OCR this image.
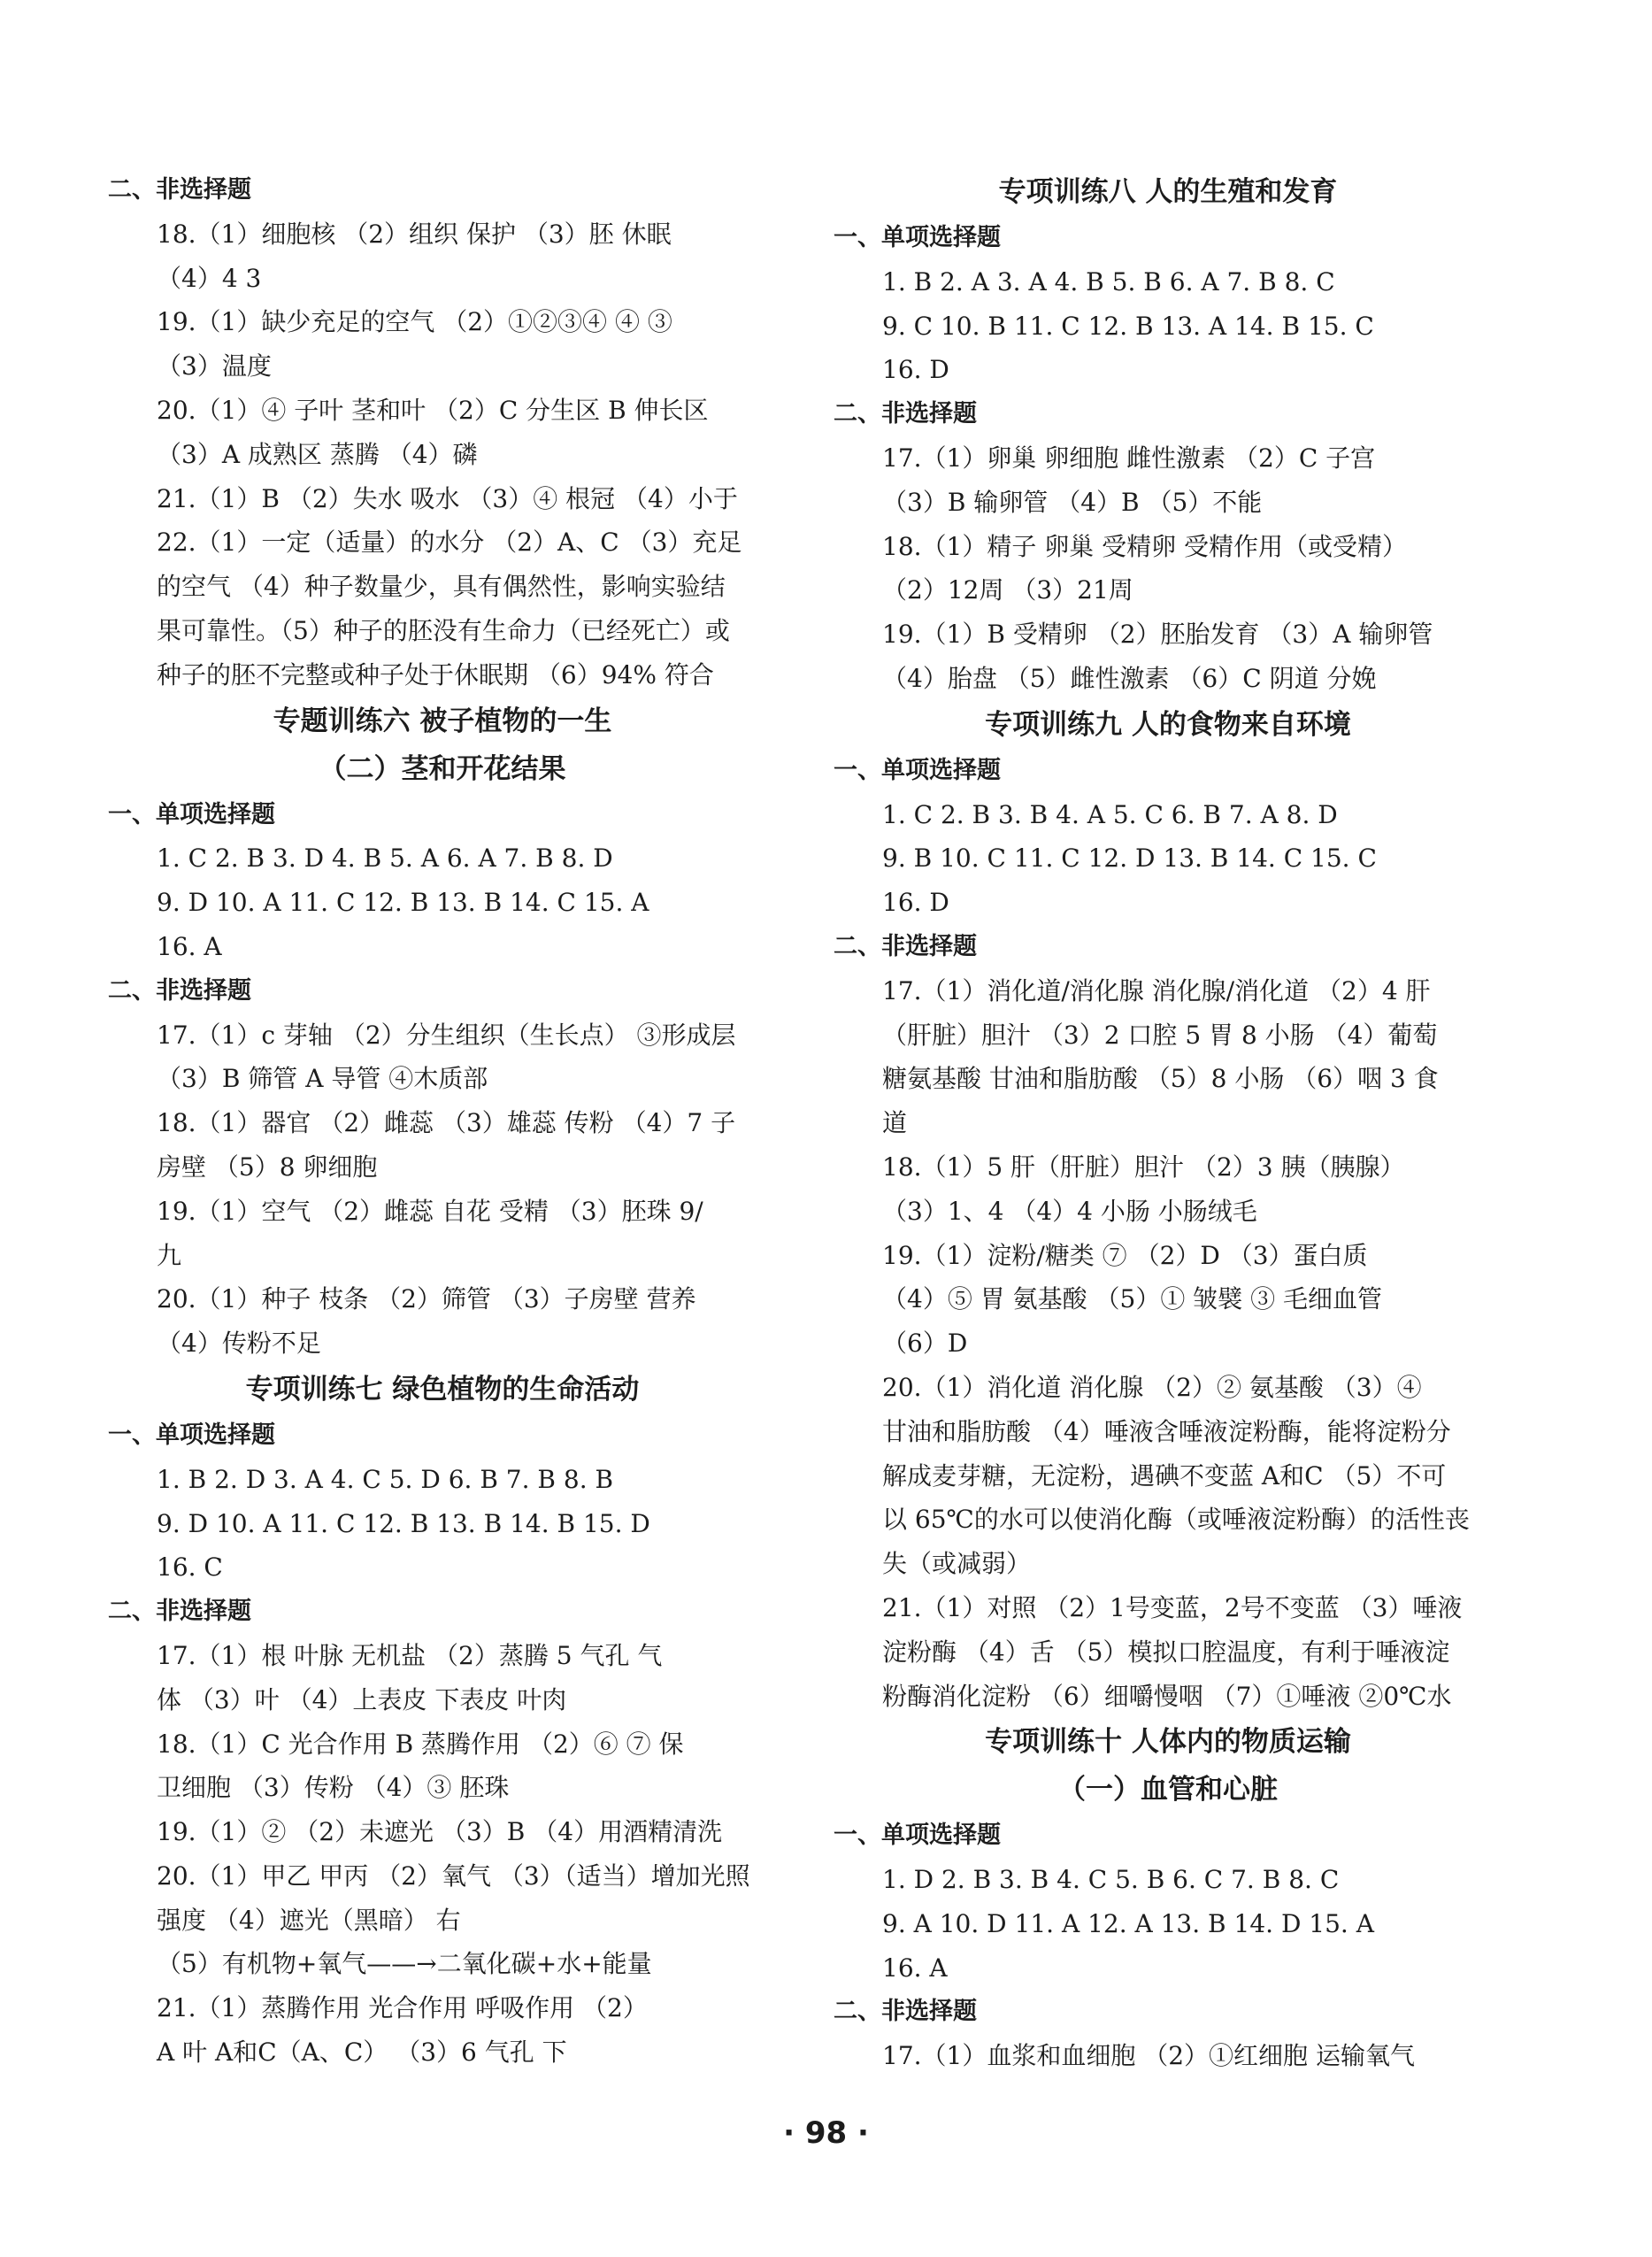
二、非选择题
18.（1）细胞核 （2）组织 保护 （3）胚 休眠
（4）4 3
19.（1）缺少充足的空气 （2）①②③④ ④ ③
（3）温度
20.（1）④ 子叶 茎和叶 （2）C 分生区 B 伸长区
（3）A 成熟区 蒸腾 （4）磷
21.（1）B （2）失水 吸水 （3）④ 根冠 （4）小于
22.（1）一定（适量）的水分 （2）A、C （3）充足
的空气 （4）种子数量少，具有偶然性，影响实验结
果可靠性。（5）种子的胚没有生命力（已经死亡）或
种子的胚不完整或种子处于休眠期 （6）94% 符合
专题训练六 被子植物的一生
（二）茎和开花结果
一、单项选择题
1. C 2. B 3. D 4. B 5. A 6. A 7. B 8. D
9. D 10. A 11. C 12. B 13. B 14. C 15. A
16. A
二、非选择题
17.（1）c 芽轴 （2）分生组织（生长点） ③形成层
（3）B 筛管 A 导管 ④木质部
18.（1）器官 （2）雌蕊 （3）雄蕊 传粉 （4）7 子
房壁 （5）8 卵细胞
19.（1）空气 （2）雌蕊 自花 受精 （3）胚珠 9/
九
20.（1）种子 枝条 （2）筛管 （3）子房壁 营养
（4）传粉不足
专项训练七 绿色植物的生命活动
一、单项选择题
1. B 2. D 3. A 4. C 5. D 6. B 7. B 8. B
9. D 10. A 11. C 12. B 13. B 14. B 15. D
16. C
二、非选择题
17.（1）根 叶脉 无机盐 （2）蒸腾 5 气孔 气
体 （3）叶 （4）上表皮 下表皮 叶肉
18.（1）C 光合作用 B 蒸腾作用 （2）⑥ ⑦ 保
卫细胞 （3）传粉 （4）③ 胚珠
19.（1）② （2）未遮光 （3）B （4）用酒精清洗
20.（1）甲乙 甲丙 （2）氧气 （3）（适当）增加光照
强度 （4）遮光（黑暗） 右
（5）有机物+氧气——→二氧化碳+水+能量
21.（1）蒸腾作用 光合作用 呼吸作用 （2）
A 叶 A和C（A、C） （3）6 气孔 下
专项训练八 人的生殖和发育
一、单项选择题
1. B 2. A 3. A 4. B 5. B 6. A 7. B 8. C
9. C 10. B 11. C 12. B 13. A 14. B 15. C
16. D
二、非选择题
17.（1）卵巢 卵细胞 雌性激素 （2）C 子宫
（3）B 输卵管 （4）B （5）不能
18.（1）精子 卵巢 受精卵 受精作用（或受精）
（2）12周 （3）21周
19.（1）B 受精卵 （2）胚胎发育 （3）A 输卵管
（4）胎盘 （5）雌性激素 （6）C 阴道 分娩
专项训练九 人的食物来自环境
一、单项选择题
1. C 2. B 3. B 4. A 5. C 6. B 7. A 8. D
9. B 10. C 11. C 12. D 13. B 14. C 15. C
16. D
二、非选择题
17.（1）消化道/消化腺 消化腺/消化道 （2）4 肝
（肝脏）胆汁 （3）2 口腔 5 胃 8 小肠 （4）葡萄
糖氨基酸 甘油和脂肪酸 （5）8 小肠 （6）咽 3 食
道
18.（1）5 肝（肝脏）胆汁 （2）3 胰（胰腺）
（3）1、4 （4）4 小肠 小肠绒毛
19.（1）淀粉/糖类 ⑦ （2）D （3）蛋白质
（4）⑤ 胃 氨基酸 （5）① 皱襞 ③ 毛细血管
（6）D
20.（1）消化道 消化腺 （2）② 氨基酸 （3）④
甘油和脂肪酸 （4）唾液含唾液淀粉酶，能将淀粉分
解成麦芽糖，无淀粉，遇碘不变蓝 A和C （5）不可
以 65℃的水可以使消化酶（或唾液淀粉酶）的活性丧
失（或减弱）
21.（1）对照 （2）1号变蓝，2号不变蓝 （3）唾液
淀粉酶 （4）舌 （5）模拟口腔温度，有利于唾液淀
粉酶消化淀粉 （6）细嚼慢咽 （7）①唾液 ②0℃水
专项训练十 人体内的物质运输
（一）血管和心脏
一、单项选择题
1. D 2. B 3. B 4. C 5. B 6. C 7. B 8. C
9. A 10. D 11. A 12. A 13. B 14. D 15. A
16. A
二、非选择题
17.（1）血浆和血细胞 （2）①红细胞 运输氧气
· 98 ·
